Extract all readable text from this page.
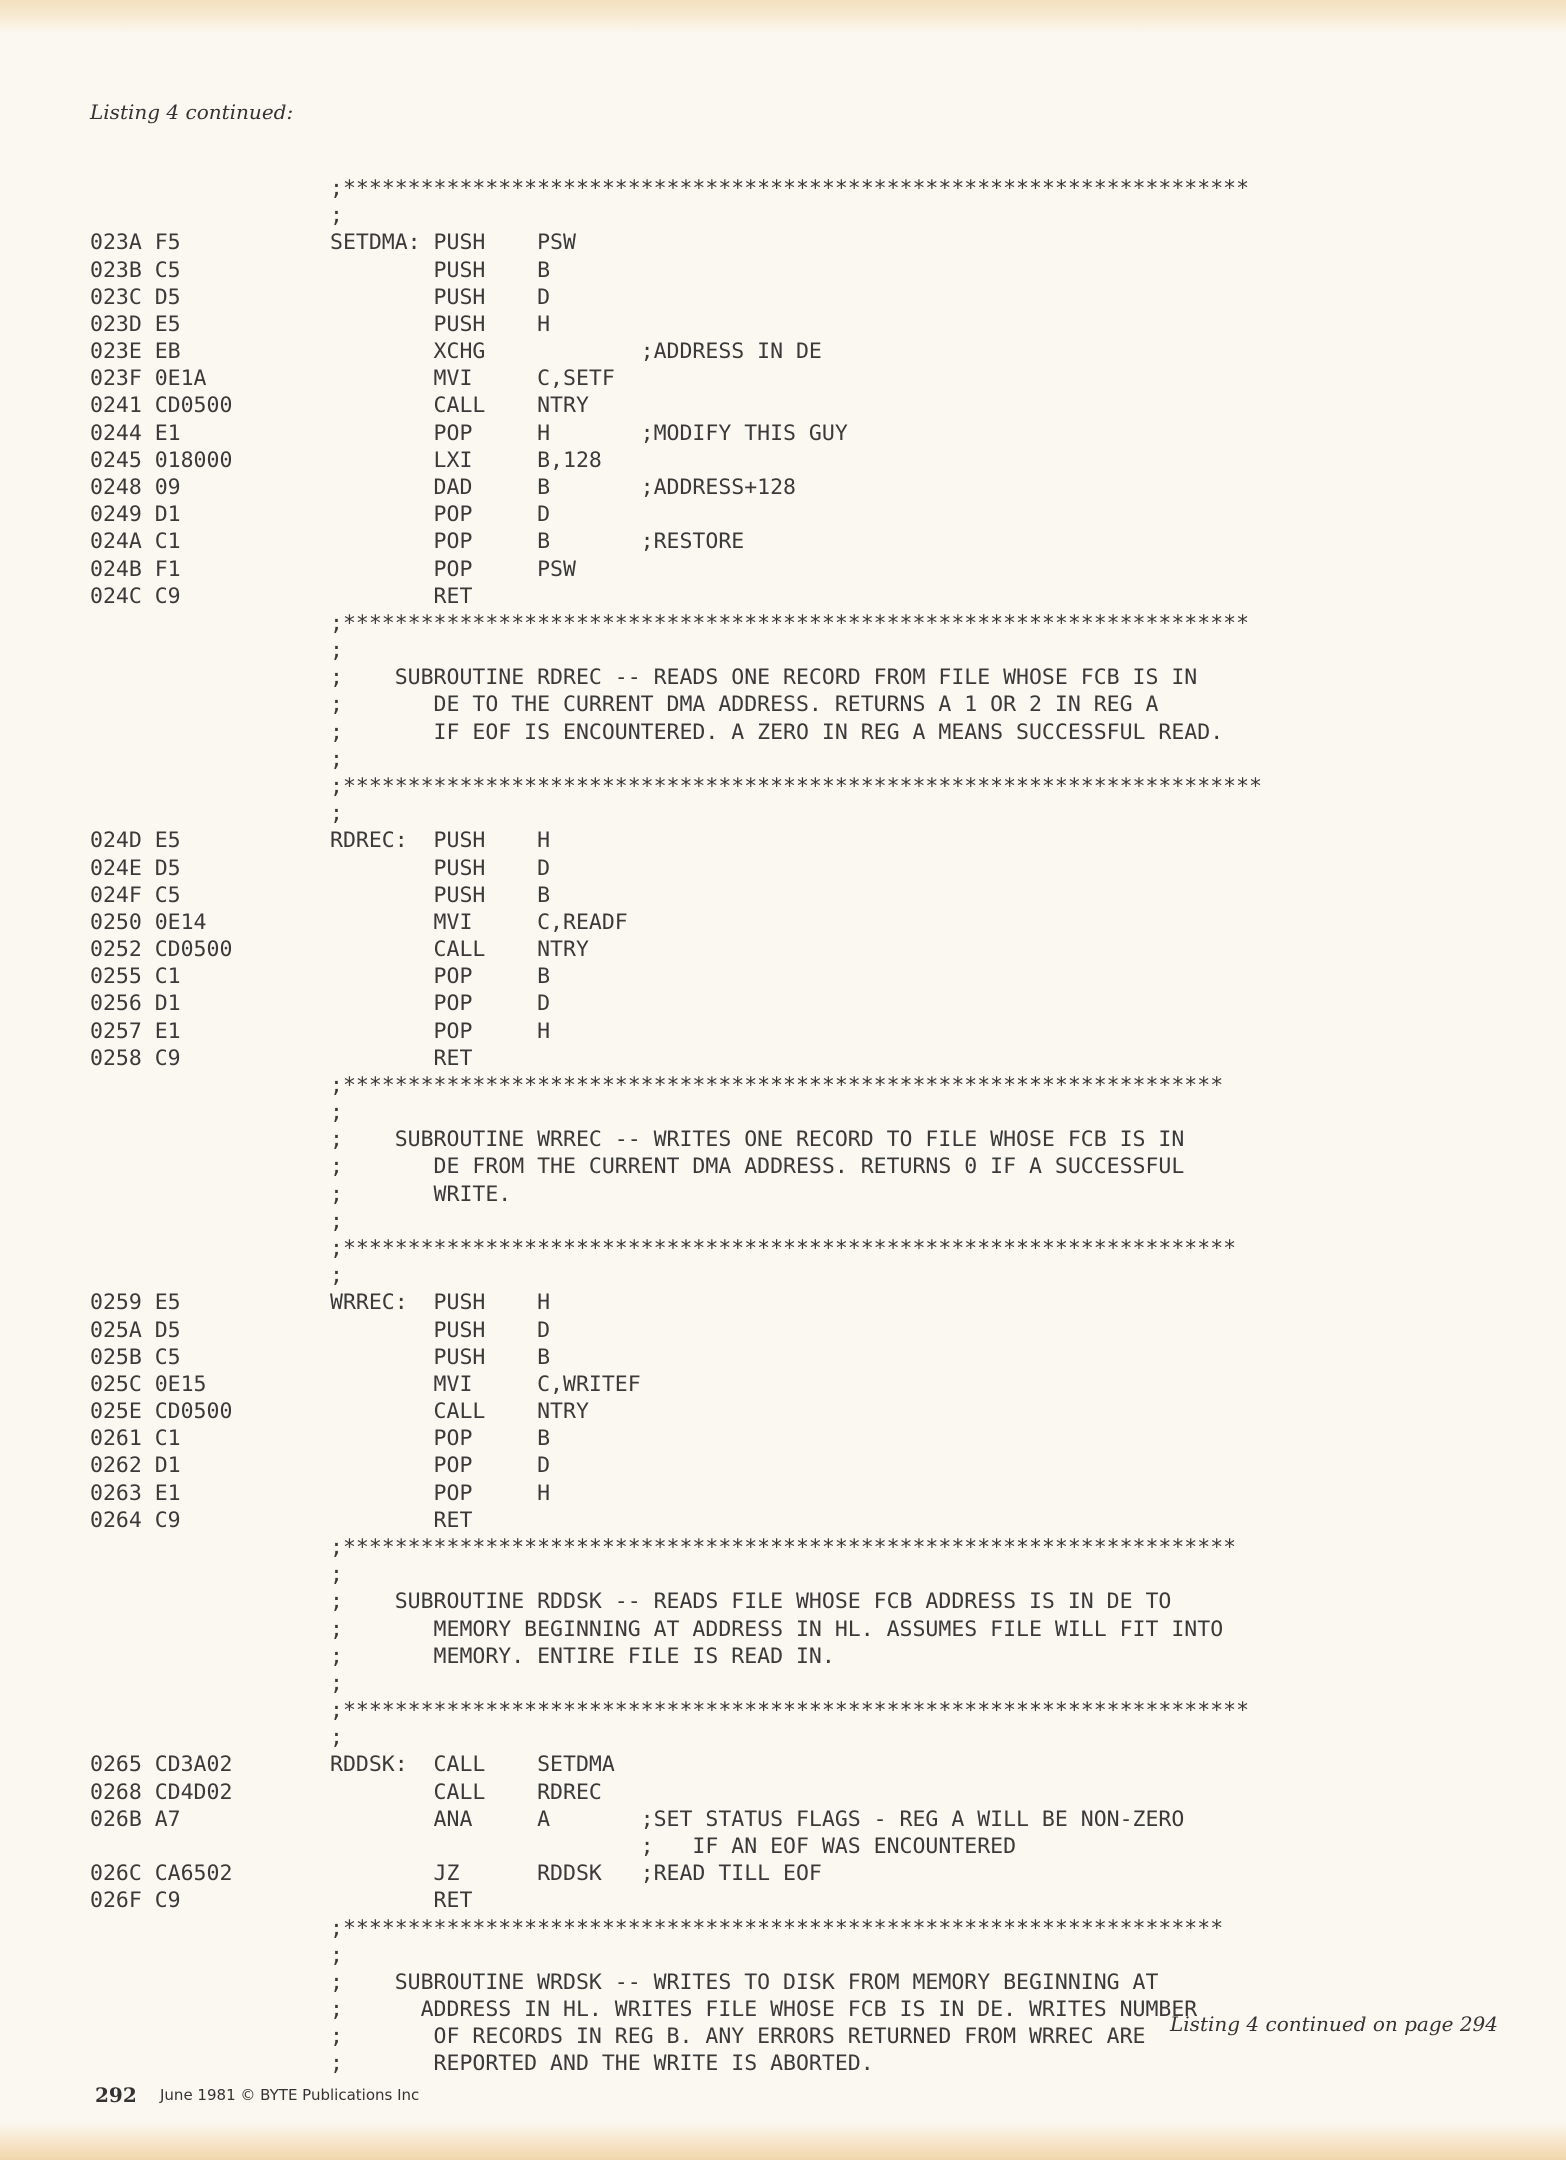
Listing 4 continued:
;**********************************************************************
;
023A F5	SETDMA: PUSH    PSW
023B C5	PUSH    B
023C D5	PUSH    D
023D E5	PUSH    H
023E EB	XCHG            ;ADDRESS IN DE
023F 0E1A	MVI     C,SETF
0241 CD0500	CALL    NTRY
0244 E1	POP     H       ;MODIFY THIS GUY
0245 018000	LXI     B,128
0248 09	DAD     B       ;ADDRESS+128
0249 D1	POP     D
024A C1	POP     B       ;RESTORE
024B F1	POP     PSW
024C C9	RET
;**********************************************************************
;
;    SUBROUTINE RDREC -- READS ONE RECORD FROM FILE WHOSE FCB IS IN
;       DE TO THE CURRENT DMA ADDRESS. RETURNS A 1 OR 2 IN REG A
;       IF EOF IS ENCOUNTERED. A ZERO IN REG A MEANS SUCCESSFUL READ.
;
;***********************************************************************
;
024D E5	RDREC:  PUSH    H
024E D5	PUSH    D
024F C5	PUSH    B
0250 0E14	MVI     C,READF
0252 CD0500	CALL    NTRY
0255 C1	POP     B
0256 D1	POP     D
0257 E1	POP     H
0258 C9	RET
;********************************************************************
;
;    SUBROUTINE WRREC -- WRITES ONE RECORD TO FILE WHOSE FCB IS IN
;       DE FROM THE CURRENT DMA ADDRESS. RETURNS 0 IF A SUCCESSFUL
;       WRITE.
;
;*********************************************************************
;
0259 E5	WRREC:  PUSH    H
025A D5	PUSH    D
025B C5	PUSH    B
025C 0E15	MVI     C,WRITEF
025E CD0500	CALL    NTRY
0261 C1	POP     B
0262 D1	POP     D
0263 E1	POP     H
0264 C9	RET
;*********************************************************************
;
;    SUBROUTINE RDDSK -- READS FILE WHOSE FCB ADDRESS IS IN DE TO
;       MEMORY BEGINNING AT ADDRESS IN HL. ASSUMES FILE WILL FIT INTO
;       MEMORY. ENTIRE FILE IS READ IN.
;
;**********************************************************************
;
0265 CD3A02	RDDSK:  CALL    SETDMA
0268 CD4D02	CALL    RDREC
026B A7	ANA     A       ;SET STATUS FLAGS - REG A WILL BE NON-ZERO
;   IF AN EOF WAS ENCOUNTERED
026C CA6502	JZ      RDDSK   ;READ TILL EOF
026F C9	RET
;********************************************************************
;
;    SUBROUTINE WRDSK -- WRITES TO DISK FROM MEMORY BEGINNING AT
;      ADDRESS IN HL. WRITES FILE WHOSE FCB IS IN DE. WRITES NUMBER
;       OF RECORDS IN REG B. ANY ERRORS RETURNED FROM WRREC ARE
;       REPORTED AND THE WRITE IS ABORTED.
Listing 4 continued on page 294
292 June 1981 © BYTE Publications Inc
